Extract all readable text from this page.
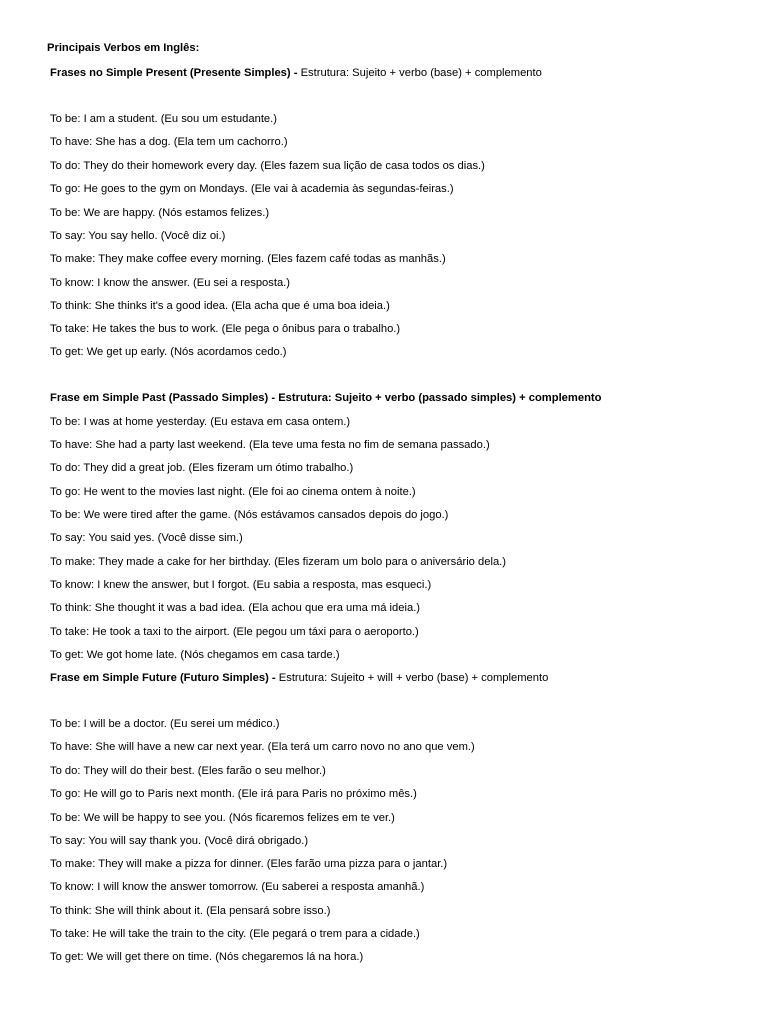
Principais Verbos em Inglês:
Frases no Simple Present (Presente Simples) - Estrutura: Sujeito + verbo (base) + complemento
To be: I am a student. (Eu sou um estudante.)
To have: She has a dog. (Ela tem um cachorro.)
To do: They do their homework every day. (Eles fazem sua lição de casa todos os dias.)
To go: He goes to the gym on Mondays. (Ele vai à academia às segundas-feiras.)
To be: We are happy. (Nós estamos felizes.)
To say: You say hello. (Você diz oi.)
To make: They make coffee every morning. (Eles fazem café todas as manhãs.)
To know: I know the answer. (Eu sei a resposta.)
To think: She thinks it's a good idea. (Ela acha que é uma boa ideia.)
To take: He takes the bus to work. (Ele pega o ônibus para o trabalho.)
To get: We get up early. (Nós acordamos cedo.)
Frase em Simple Past (Passado Simples) - Estrutura: Sujeito + verbo (passado simples) + complemento
To be: I was at home yesterday. (Eu estava em casa ontem.)
To have: She had a party last weekend. (Ela teve uma festa no fim de semana passado.)
To do: They did a great job. (Eles fizeram um ótimo trabalho.)
To go: He went to the movies last night. (Ele foi ao cinema ontem à noite.)
To be: We were tired after the game. (Nós estávamos cansados depois do jogo.)
To say: You said yes. (Você disse sim.)
To make: They made a cake for her birthday. (Eles fizeram um bolo para o aniversário dela.)
To know: I knew the answer, but I forgot. (Eu sabia a resposta, mas esqueci.)
To think: She thought it was a bad idea. (Ela achou que era uma má ideia.)
To take: He took a taxi to the airport. (Ele pegou um táxi para o aeroporto.)
To get: We got home late. (Nós chegamos em casa tarde.)
Frase em Simple Future (Futuro Simples) - Estrutura: Sujeito + will + verbo (base) + complemento
To be: I will be a doctor. (Eu serei um médico.)
To have: She will have a new car next year. (Ela terá um carro novo no ano que vem.)
To do: They will do their best. (Eles farão o seu melhor.)
To go: He will go to Paris next month. (Ele irá para Paris no próximo mês.)
To be: We will be happy to see you. (Nós ficaremos felizes em te ver.)
To say: You will say thank you. (Você dirá obrigado.)
To make: They will make a pizza for dinner. (Eles farão uma pizza para o jantar.)
To know: I will know the answer tomorrow. (Eu saberei a resposta amanhã.)
To think: She will think about it. (Ela pensará sobre isso.)
To take: He will take the train to the city. (Ele pegará o trem para a cidade.)
To get: We will get there on time. (Nós chegaremos lá na hora.)
